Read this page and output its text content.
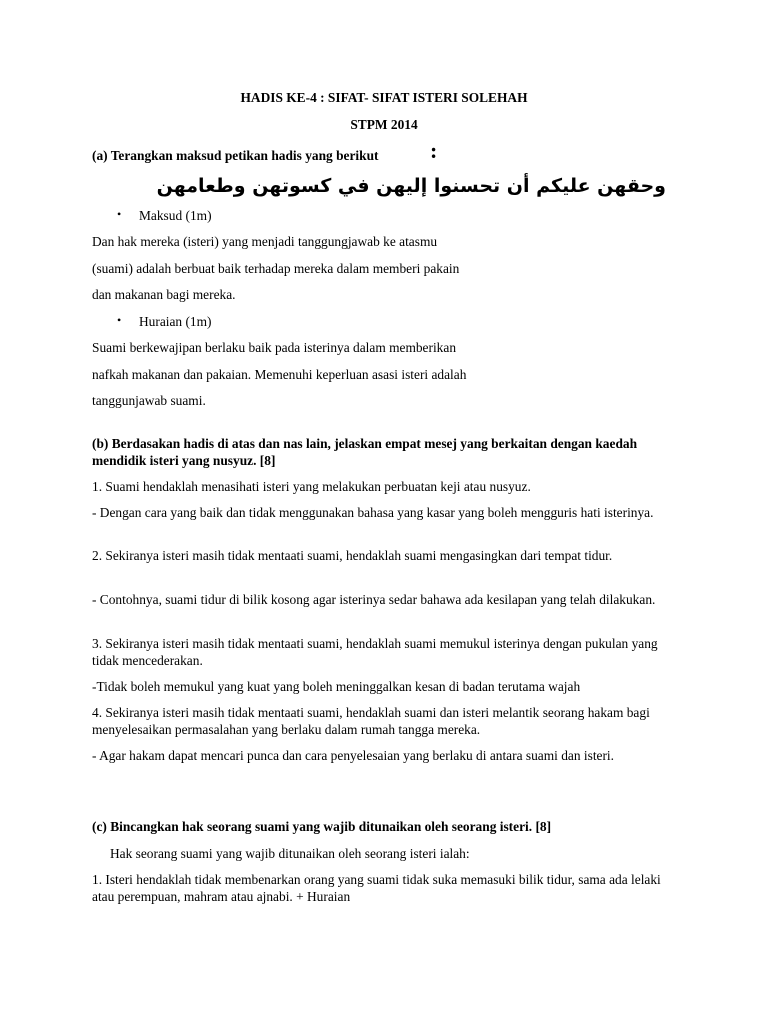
HADIS KE-4 : SIFAT- SIFAT ISTERI SOLEHAH
STPM 2014
(a) Terangkan maksud petikan hadis yang berikut :
وحقهن عليكم أن تحسنوا إليهن في كسوتهن وطعامهن
• Maksud (1m)
Dan hak mereka (isteri) yang menjadi tanggungjawab ke atasmu
(suami) adalah berbuat baik terhadap mereka dalam memberi pakain
dan makanan bagi mereka.
• Huraian (1m)
Suami berkewajipan berlaku baik pada isterinya dalam memberikan
nafkah makanan dan pakaian. Memenuhi keperluan asasi isteri adalah
tanggunjawab suami.
(b) Berdasakan hadis di atas dan nas lain, jelaskan empat mesej yang berkaitan dengan kaedah mendidik isteri yang nusyuz. [8]
1. Suami hendaklah menasihati isteri yang melakukan perbuatan keji atau nusyuz.
- Dengan cara yang baik dan tidak menggunakan bahasa yang kasar yang boleh mengguris hati isterinya.
2. Sekiranya isteri masih tidak mentaati suami, hendaklah suami mengasingkan dari tempat tidur.
- Contohnya, suami tidur di bilik kosong agar isterinya sedar bahawa ada kesilapan yang telah dilakukan.
3. Sekiranya isteri masih tidak mentaati suami, hendaklah suami memukul isterinya dengan pukulan yang tidak mencederakan.
-Tidak boleh memukul yang kuat yang boleh meninggalkan kesan di badan terutama wajah
4. Sekiranya isteri masih tidak mentaati suami, hendaklah suami dan isteri melantik seorang hakam bagi menyelesaikan permasalahan yang berlaku dalam rumah tangga mereka.
- Agar hakam dapat mencari punca dan cara penyelesaian yang berlaku di antara suami dan isteri.
(c) Bincangkan hak seorang suami yang wajib ditunaikan oleh seorang isteri. [8]
Hak seorang suami yang wajib ditunaikan oleh seorang isteri ialah:
1. Isteri hendaklah tidak membenarkan orang yang suami tidak suka memasuki bilik tidur, sama ada lelaki atau perempuan, mahram atau ajnabi. + Huraian
